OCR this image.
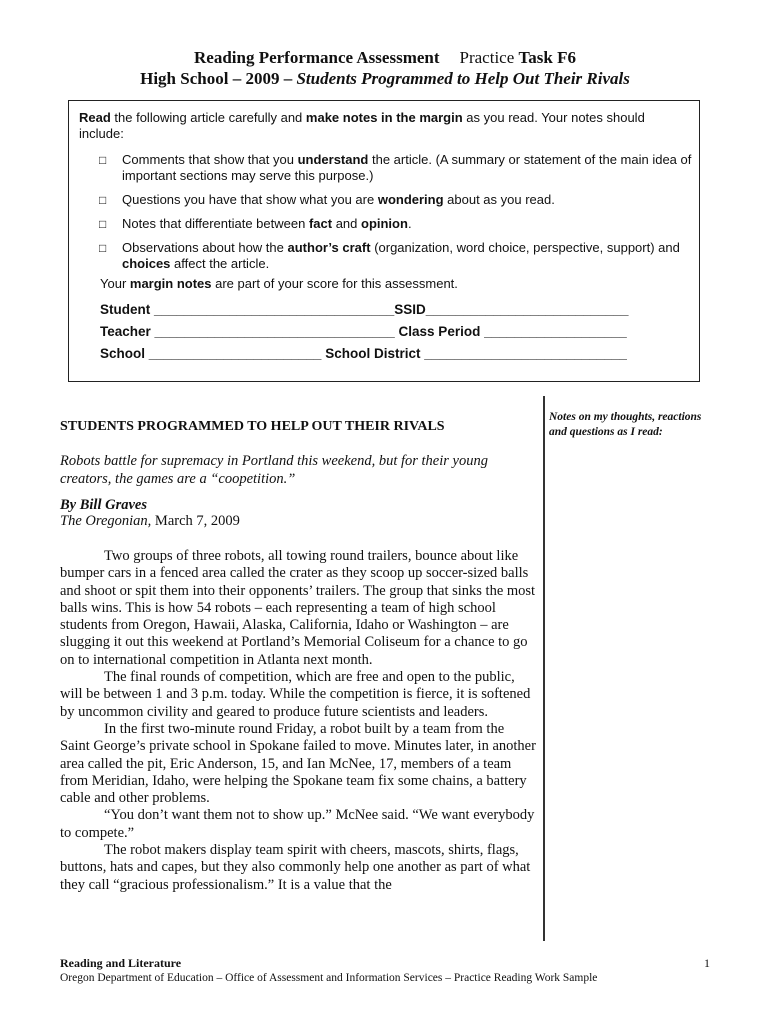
Reading Performance Assessment Practice Task F6
High School – 2009 – Students Programmed to Help Out Their Rivals

Read the following article carefully and make notes in the margin as you read. Your notes should include:

□ Comments that show that you understand the article. (A summary or statement of the main idea of important sections may serve this purpose.)

□ Questions you have that show what you are wondering about as you read.

□ Notes that differentiate between fact and opinion.

□ Observations about how the author’s craft (organization, word choice, perspective, support) and choices affect the article.

Your margin notes are part of your score for this assessment.

Student ________________________________SSID___________________________
Teacher ________________________________ Class Period ___________________
School _______________________ School District ___________________________
Notes on my thoughts, reactions and questions as I read:
STUDENTS PROGRAMMED TO HELP OUT THEIR RIVALS
Robots battle for supremacy in Portland this weekend, but for their young creators, the games are a “coopetition.”
By Bill Graves
The Oregonian, March 7, 2009

Two groups of three robots, all towing round trailers, bounce about like bumper cars in a fenced area called the crater as they scoop up soccer-sized balls and shoot or spit them into their opponents’ trailers. The group that sinks the most balls wins. This is how 54 robots – each representing a team of high school students from Oregon, Hawaii, Alaska, California, Idaho or Washington – are slugging it out this weekend at Portland’s Memorial Coliseum for a chance to go on to international competition in Atlanta next month.

The final rounds of competition, which are free and open to the public, will be between 1 and 3 p.m. today. While the competition is fierce, it is softened by uncommon civility and geared to produce future scientists and leaders.

In the first two-minute round Friday, a robot built by a team from the Saint George’s private school in Spokane failed to move. Minutes later, in another area called the pit, Eric Anderson, 15, and Ian McNee, 17, members of a team from Meridian, Idaho, were helping the Spokane team fix some chains, a battery cable and other problems.

“You don’t want them not to show up.” McNee said. “We want everybody to compete.”

The robot makers display team spirit with cheers, mascots, shirts, flags, buttons, hats and capes, but they also commonly help one another as part of what they call “gracious professionalism.” It is a value that the

Reading and Literature	1
Oregon Department of Education – Office of Assessment and Information Services – Practice Reading Work Sample
